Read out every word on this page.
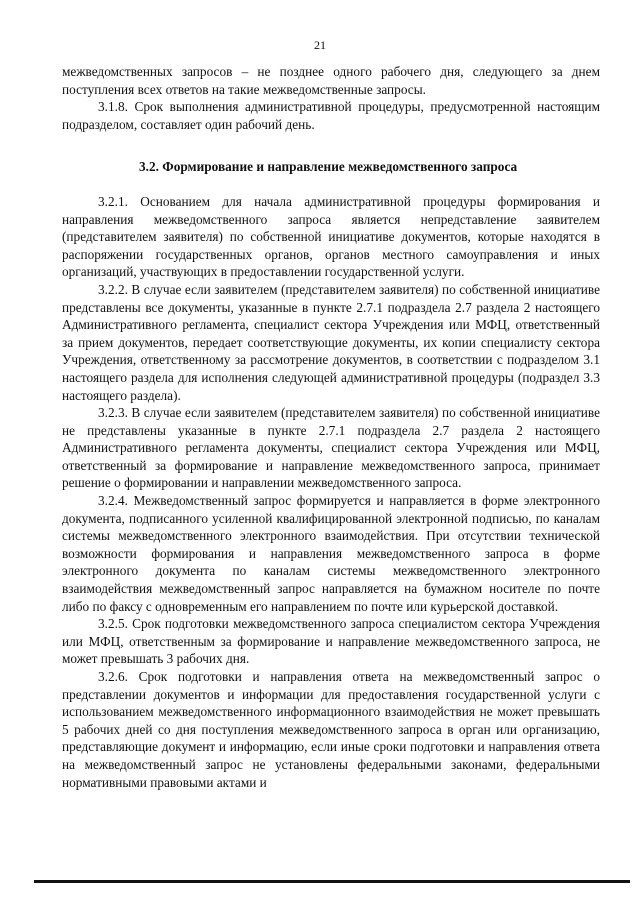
21

межведомственных запросов – не позднее одного рабочего дня, следующего за днем поступления всех ответов на такие межведомственные запросы.

3.1.8. Срок выполнения административной процедуры, предусмотренной настоящим подразделом, составляет один рабочий день.

3.2. Формирование и направление межведомственного запроса

3.2.1. Основанием для начала административной процедуры формирования и направления межведомственного запроса является непредставление заявителем (представителем заявителя) по собственной инициативе документов, которые находятся в распоряжении государственных органов, органов местного самоуправления и иных организаций, участвующих в предоставлении государственной услуги.

3.2.2. В случае если заявителем (представителем заявителя) по собственной инициативе представлены все документы, указанные в пункте 2.7.1 подраздела 2.7 раздела 2 настоящего Административного регламента, специалист сектора Учреждения или МФЦ, ответственный за прием документов, передает соответствующие документы, их копии специалисту сектора Учреждения, ответственному за рассмотрение документов, в соответствии с подразделом 3.1 настоящего раздела для исполнения следующей административной процедуры (подраздел 3.3 настоящего раздела).

3.2.3. В случае если заявителем (представителем заявителя) по собственной инициативе не представлены указанные в пункте 2.7.1 подраздела 2.7 раздела 2 настоящего Административного регламента документы, специалист сектора Учреждения или МФЦ, ответственный за формирование и направление межведомственного запроса, принимает решение о формировании и направлении межведомственного запроса.

3.2.4. Межведомственный запрос формируется и направляется в форме электронного документа, подписанного усиленной квалифицированной электронной подписью, по каналам системы межведомственного электронного взаимодействия. При отсутствии технической возможности формирования и направления межведомственного запроса в форме электронного документа по каналам системы межведомственного электронного взаимодействия межведомственный запрос направляется на бумажном носителе по почте либо по факсу с одновременным его направлением по почте или курьерской доставкой.

3.2.5. Срок подготовки межведомственного запроса специалистом сектора Учреждения или МФЦ, ответственным за формирование и направление межведомственного запроса, не может превышать 3 рабочих дня.

3.2.6. Срок подготовки и направления ответа на межведомственный запрос о представлении документов и информации для предоставления государственной услуги с использованием межведомственного информационного взаимодействия не может превышать 5 рабочих дней со дня поступления межведомственного запроса в орган или организацию, представляющие документ и информацию, если иные сроки подготовки и направления ответа на межведомственный запрос не установлены федеральными законами, федеральными нормативными правовыми актами и
